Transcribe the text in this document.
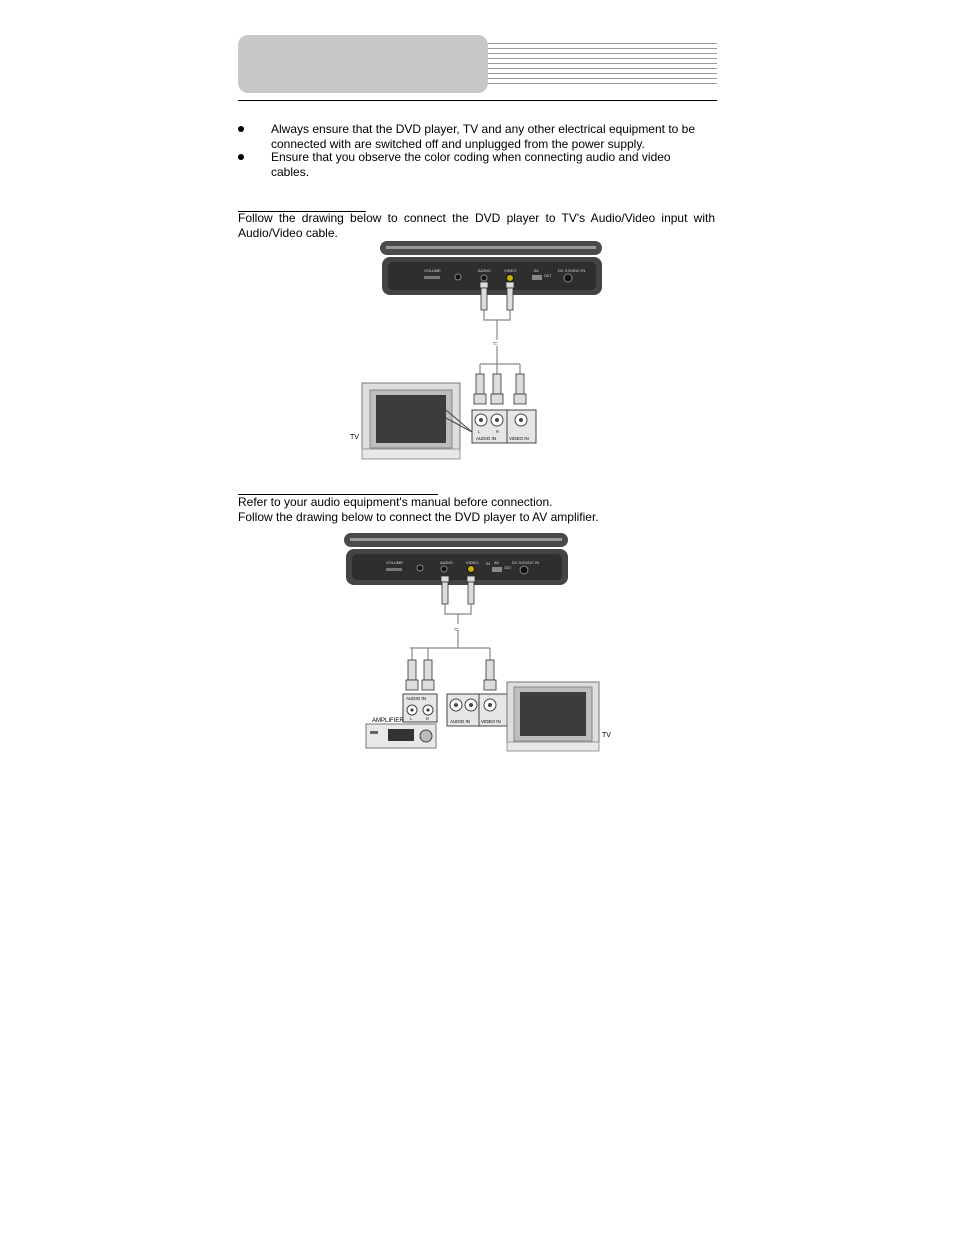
Always ensure that the DVD player, TV and any other electrical equipment to be connected with are switched off and unplugged from the power supply.
Ensure that you observe the color coding when connecting audio and video cables.
Follow the drawing below to connect the DVD player to TV's Audio/Video input with Audio/Video cable.
VOLUME	AUDIO	VIDEO	AV
OUT
DC 9.5V/DC IN
≈
L	R
AUDIO IN	VIDEO IN
TV
Refer to your audio equipment's manual before connection.
Follow the drawing below to connect the DVD player to AV amplifier.
VOLUME	AUDIO	VIDEO IN AV
OUT
DC 9.5V/DC IN
≈
AUDIO IN
L	R
AMPLIFIER	AUDIO IN VIDEO IN
TV
